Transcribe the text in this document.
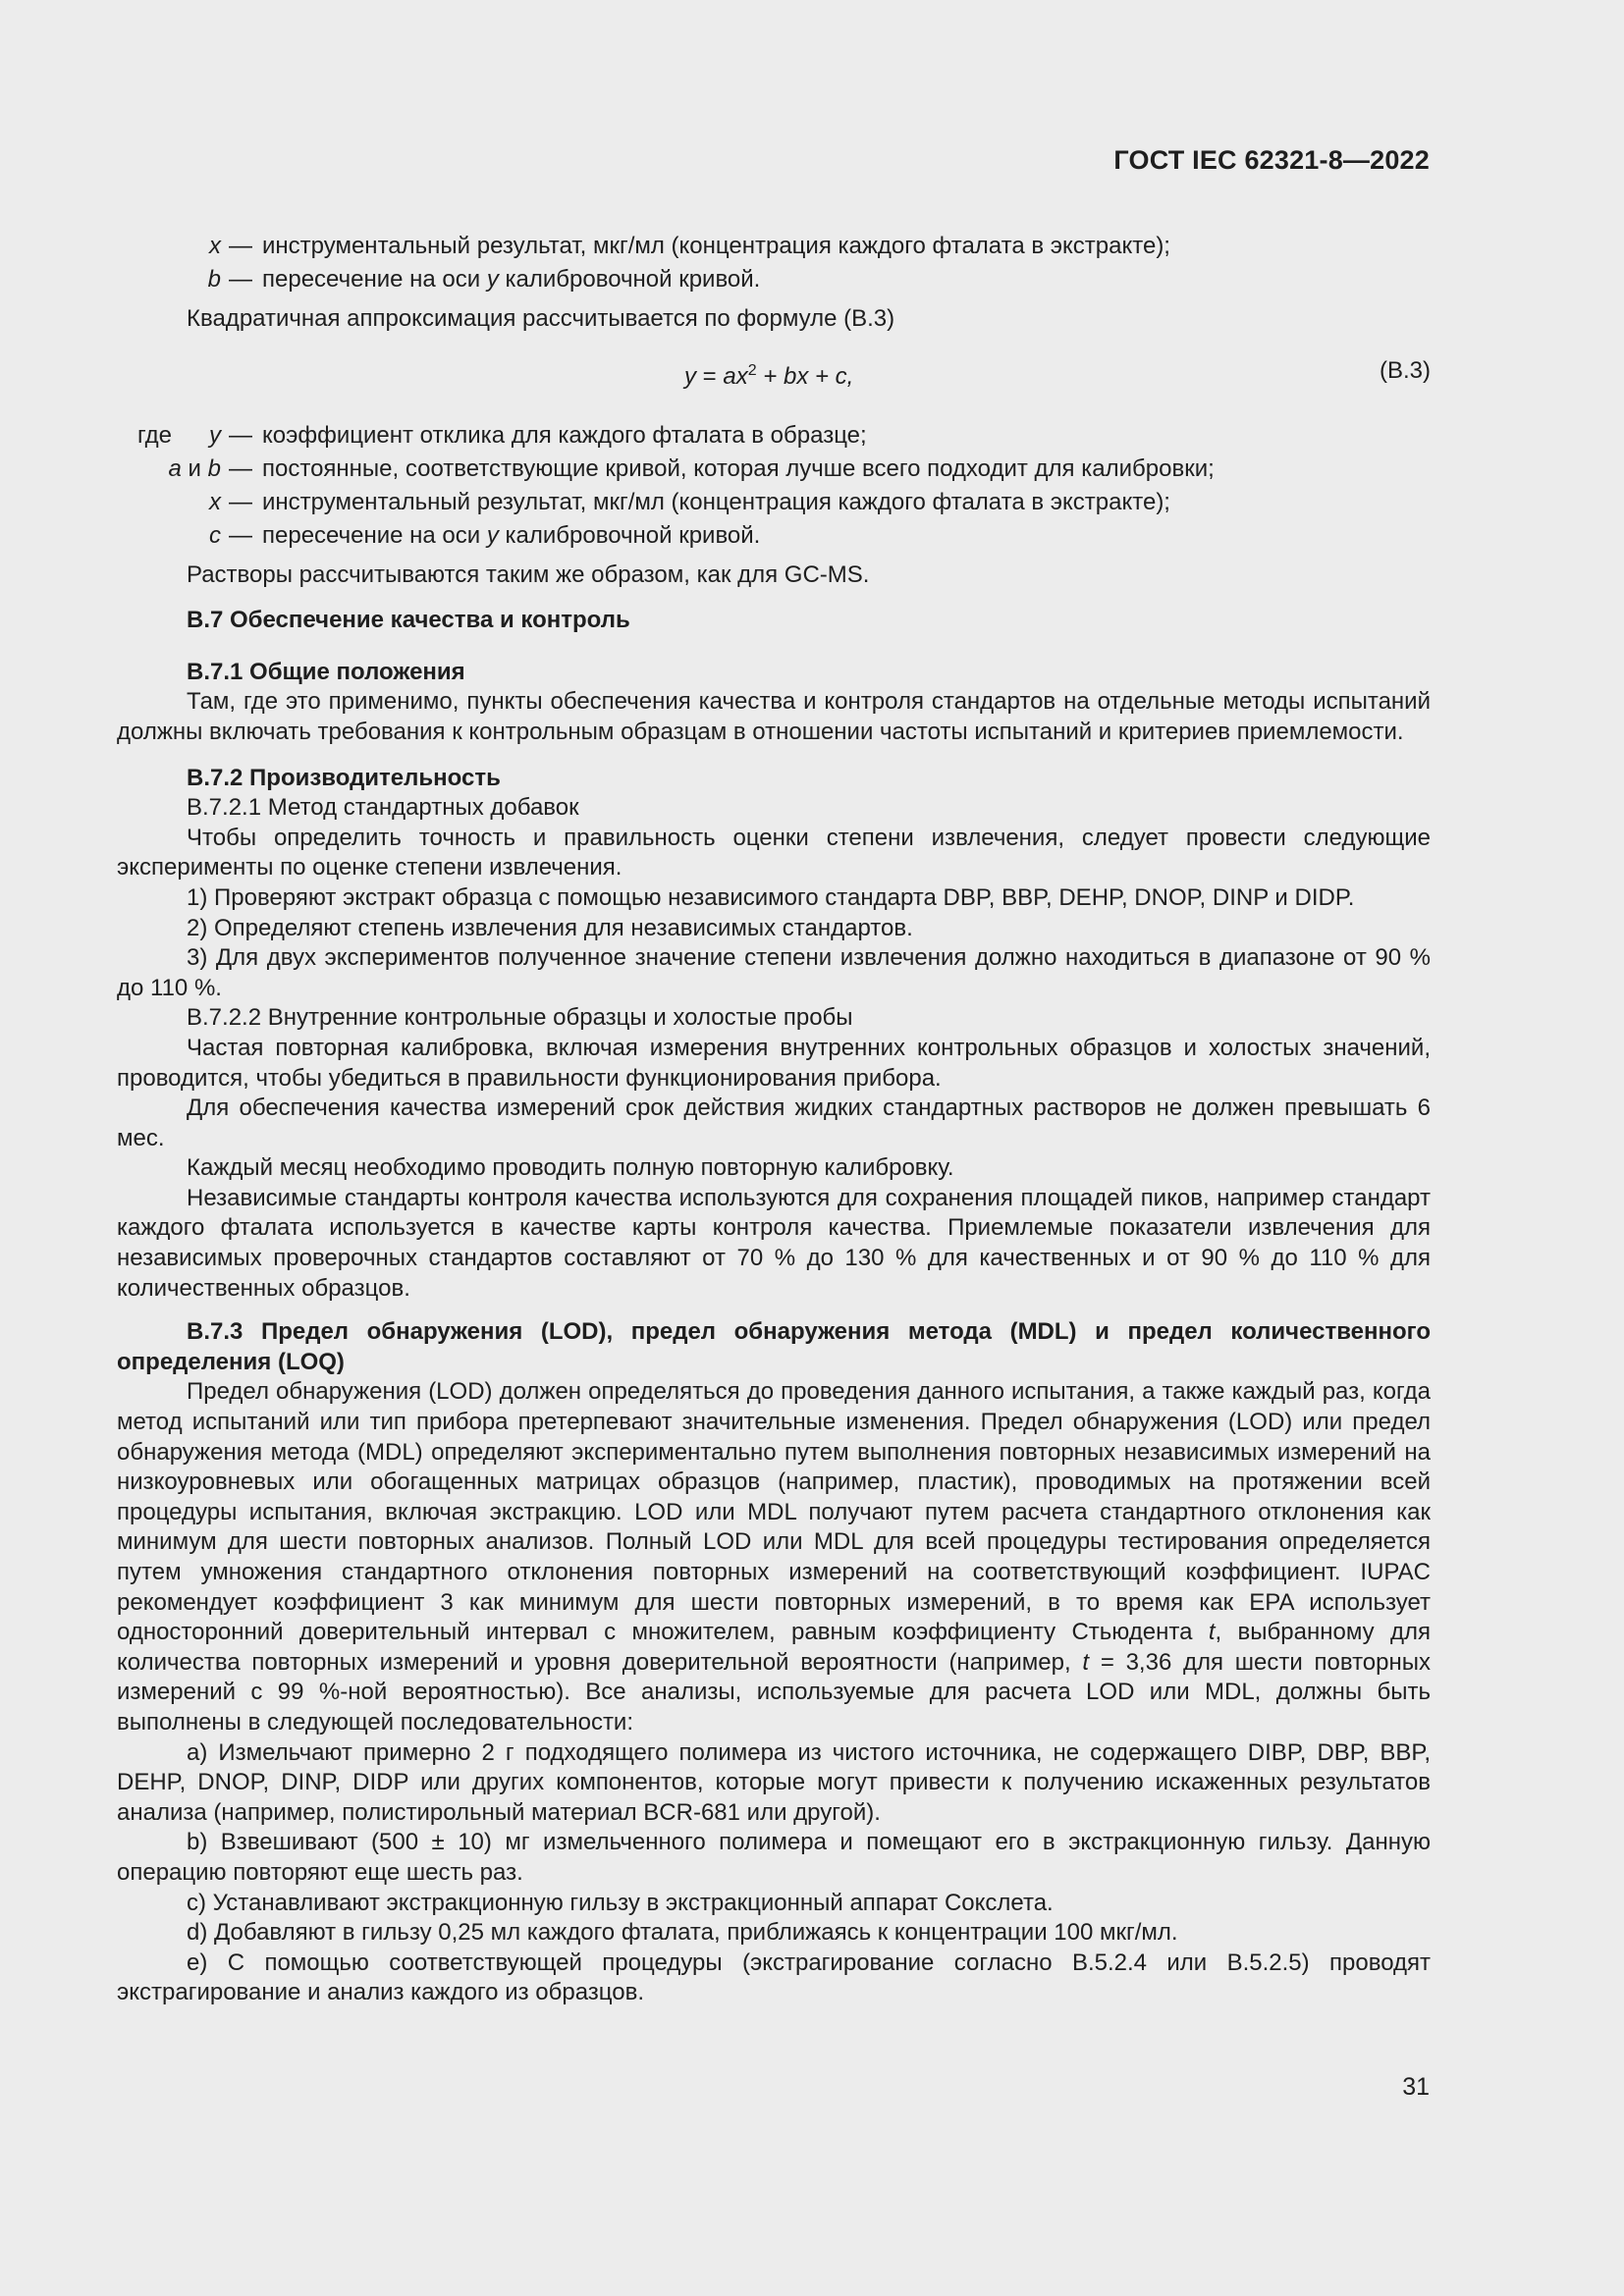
ГОСТ IEC 62321-8—2022
x — инструментальный результат, мкг/мл (концентрация каждого фталата в экстракте);
b — пересечение на оси y калибровочной кривой.

Квадратичная аппроксимация рассчитывается по формуле (В.3)

$y = ax^2$ + bx + c,	(В.3)
где y — коэффициент отклика для каждого фталата в образце;
a и b — постоянные, соответствующие кривой, которая лучше всего подходит для калибровки;
x — инструментальный результат, мкг/мл (концентрация каждого фталата в экстракте);
c — пересечение на оси y калибровочной кривой.

Растворы рассчитываются таким же образом, как для GC-MS.

В.7 Обеспечение качества и контроль

В.7.1 Общие положения

Там, где это применимо, пункты обеспечения качества и контроля стандартов на отдельные методы испытаний должны включать требования к контрольным образцам в отношении частоты испытаний и критериев приемлемости.

В.7.2 Производительность

В.7.2.1 Метод стандартных добавок

Чтобы определить точность и правильность оценки степени извлечения, следует провести следующие эксперименты по оценке степени извлечения.

1) Проверяют экстракт образца с помощью независимого стандарта DBP, BBP, DEHP, DNOP, DINP и DIDP.

2) Определяют степень извлечения для независимых стандартов.

3) Для двух экспериментов полученное значение степени извлечения должно находиться в диапазоне от 90 % до 110 %.

В.7.2.2 Внутренние контрольные образцы и холостые пробы

Частая повторная калибровка, включая измерения внутренних контрольных образцов и холостых значений, проводится, чтобы убедиться в правильности функционирования прибора.

Для обеспечения качества измерений срок действия жидких стандартных растворов не должен превышать 6 мес.

Каждый месяц необходимо проводить полную повторную калибровку.

Независимые стандарты контроля качества используются для сохранения площадей пиков, например стандарт каждого фталата используется в качестве карты контроля качества. Приемлемые показатели извлечения для независимых проверочных стандартов составляют от 70 % до 130 % для качественных и от 90 % до 110 % для количественных образцов.

В.7.3 Предел обнаружения (LOD), предел обнаружения метода (MDL) и предел количественного определения (LOQ)

Предел обнаружения (LOD) должен определяться до проведения данного испытания, а также каждый раз, когда метод испытаний или тип прибора претерпевают значительные изменения. Предел обнаружения (LOD) или предел обнаружения метода (MDL) определяют экспериментально путем выполнения повторных независимых измерений на низкоуровневых или обогащенных матрицах образцов (например, пластик), проводимых на протяжении всей процедуры испытания, включая экстракцию. LOD или MDL получают путем расчета стандартного отклонения как минимум для шести повторных анализов. Полный LOD или MDL для всей процедуры тестирования определяется путем умножения стандартного отклонения повторных измерений на соответствующий коэффициент. IUPAC рекомендует коэффициент 3 как минимум для шести повторных измерений, в то время как EPA использует односторонний доверительный интервал с множителем, равным коэффициенту Стьюдента t, выбранному для количества повторных измерений и уровня доверительной вероятности (например, t = 3,36 для шести повторных измерений с 99 %-ной вероятностью). Все анализы, используемые для расчета LOD или MDL, должны быть выполнены в следующей последовательности:

a) Измельчают примерно 2 г подходящего полимера из чистого источника, не содержащего DIBP, DBP, BBP, DEHP, DNOP, DINP, DIDP или других компонентов, которые могут привести к получению искаженных результатов анализа (например, полистирольный материал BCR-681 или другой).

b) Взвешивают (500 ± 10) мг измельченного полимера и помещают его в экстракционную гильзу. Данную операцию повторяют еще шесть раз.

c) Устанавливают экстракционную гильзу в экстракционный аппарат Сокслета.

d) Добавляют в гильзу 0,25 мл каждого фталата, приближаясь к концентрации 100 мкг/мл.

e) С помощью соответствующей процедуры (экстрагирование согласно В.5.2.4 или В.5.2.5) проводят экстрагирование и анализ каждого из образцов.

31
